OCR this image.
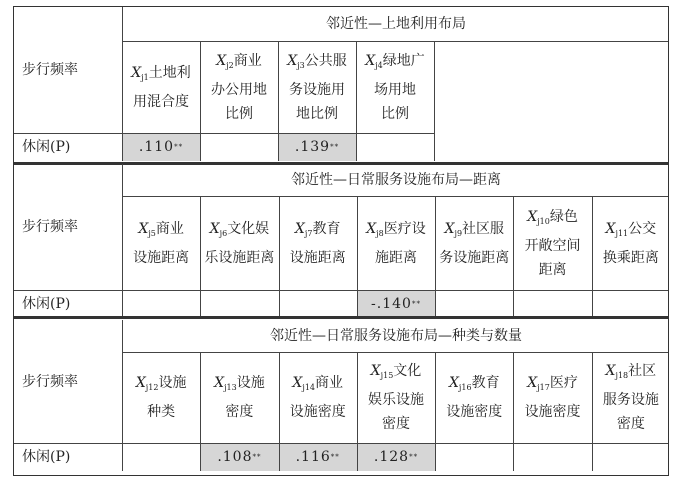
邻近性—上地利用布局
步行频率
休闲(P)
$X_{j1}$土地利
用混合度
.110 **
$X_{j2}$商业
办公用地
比例
$X_{j3}$公共服
务设施用
地比例
.139 **
$X_{j4}$绿地广
场用地
比例
邻近性—日常服务设施布局—距离
步行频率
休闲(P)
$X_{j5}$商业
设施距离
$X_{j6}$文化娱
乐设施距离
$X_{j7}$教育
设施距离
$X_{j8}$医疗设
施距离
-.140 **
$X_{j9}$社区服
务设施距离
$X_{j10}$绿色
开敞空间
距离
$X_{j11}$公交
换乘距离
邻近性—日常服务设施布局—种类与数量
步行频率
休闲(P)
$X_{j12}$设施
种类
$X_{j13}$设施
密度
.108 **
$X_{j14}$商业
设施密度
.116 **
$X_{j15}$文化
娱乐设施
密度
.128 **
$X_{j16}$教育
设施密度
$X_{j17}$医疗
设施密度
$X_{j18}$社区
服务设施
密度
